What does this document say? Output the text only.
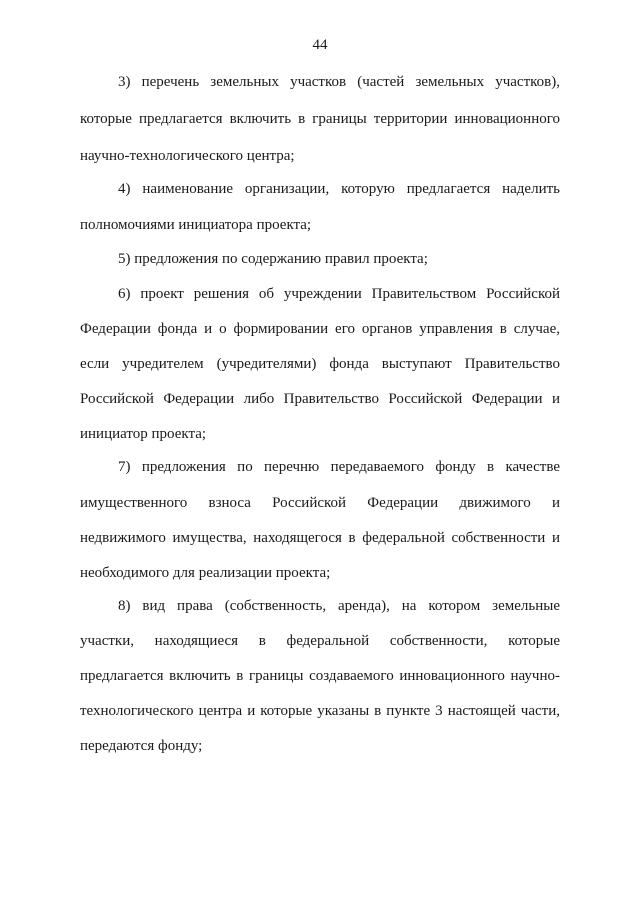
44
3) перечень земельных участков (частей земельных участков),
которые предлагается включить в границы территории инновационного
научно-технологического центра;
4) наименование организации, которую предлагается наделить
полномочиями инициатора проекта;
5) предложения по содержанию правил проекта;
6) проект решения об учреждении Правительством Российской
Федерации фонда и о формировании его органов управления в случае,
если учредителем (учредителями) фонда выступают Правительство
Российской Федерации либо Правительство Российской Федерации и
инициатор проекта;
7) предложения по перечню передаваемого фонду в качестве
имущественного взноса Российской Федерации движимого и
недвижимого имущества, находящегося в федеральной собственности и
необходимого для реализации проекта;
8) вид права (собственность, аренда), на котором земельные
участки, находящиеся в федеральной собственности, которые
предлагается включить в границы создаваемого инновационного научно-
технологического центра и которые указаны в пункте 3 настоящей части,
передаются фонду;
